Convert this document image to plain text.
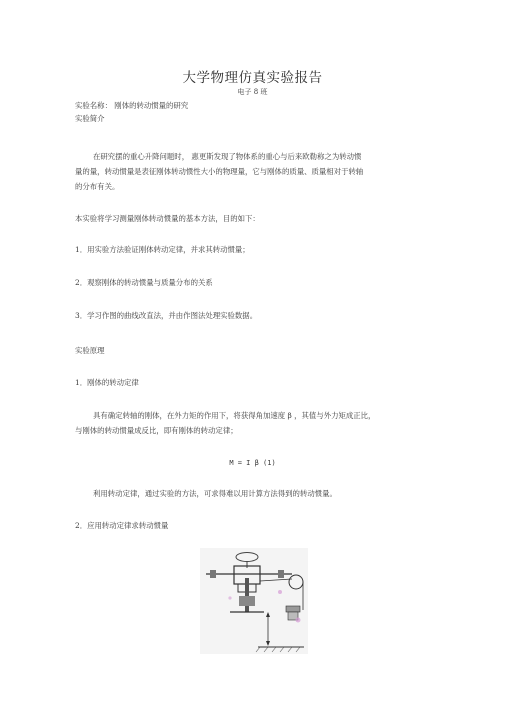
大学物理仿真实验报告
电子 8 班
实验名称： 刚体的转动惯量的研究
实验简介
在研究摆的重心升降问题时， 惠更斯发现了物体系的重心与后来欧勒称之为转动惯
量的量，转动惯量是表征刚体转动惯性大小的物理量，它与刚体的质量、质量相对于转轴
的分布有关。
本实验将学习测量刚体转动惯量的基本方法，目的如下：
1．用实验方法验证刚体转动定律，并求其转动惯量；
2．观察刚体的转动惯量与质量分布的关系
3．学习作图的曲线改直法，并由作图法处理实验数据。
实验原理
1．刚体的转动定律
具有确定转轴的刚体，在外力矩的作用下，将获得角加速度 β ，其值与外力矩成正比，
与刚体的转动惯量成反比，即有刚体的转动定律；
M = I β (1)
利用转动定律，通过实验的方法，可求得难以用计算方法得到的转动惯量。
2．应用转动定律求转动惯量
